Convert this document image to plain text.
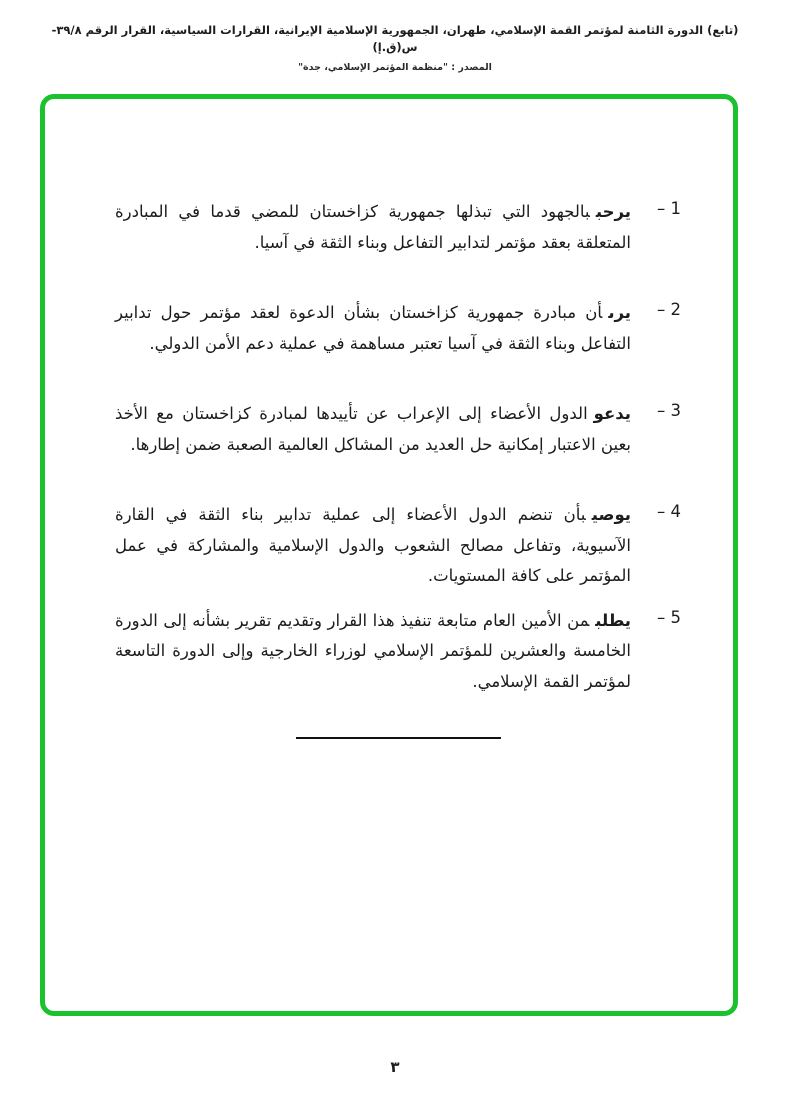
(تابع) الدورة الثامنة لمؤتمر القمة الإسلامي، طهران، الجمهورية الإسلامية الإيرانية، القرارات السياسية، القرار الرقم ٣٩/٨-س(ق.إ)
المصدر : "منظمة المؤتمر الإسلامي، جدة"
1 –
يرحببالجهود التي تبذلها جمهورية كزاخستان للمضي قدما في المبادرة المتعلقة بعقد مؤتمر لتدابير التفاعل وبناء الثقة في آسيا.
2 –
يرىأن مبادرة جمهورية كزاخستان بشأن الدعوة لعقد مؤتمر حول تدابير التفاعل وبناء الثقة في آسيا تعتبر مساهمة في عملية دعم الأمن الدولي.
3 –
يدعوالدول الأعضاء إلى الإعراب عن تأييدها لمبادرة كزاخستان مع الأخذ بعين الاعتبار إمكانية حل العديد من المشاكل العالمية الصعبة ضمن إطارها.
4 –
يوصيبأن تنضم الدول الأعضاء إلى عملية تدابير بناء الثقة في القارة الآسيوية، وتفاعل مصالح الشعوب والدول الإسلامية والمشاركة في عمل المؤتمر على كافة المستويات.
5 –
يطلبمن الأمين العام متابعة تنفيذ هذا القرار وتقديم تقرير بشأنه إلى الدورة الخامسة والعشرين للمؤتمر الإسلامي لوزراء الخارجية وإلى الدورة التاسعة لمؤتمر القمة الإسلامي.
٣
